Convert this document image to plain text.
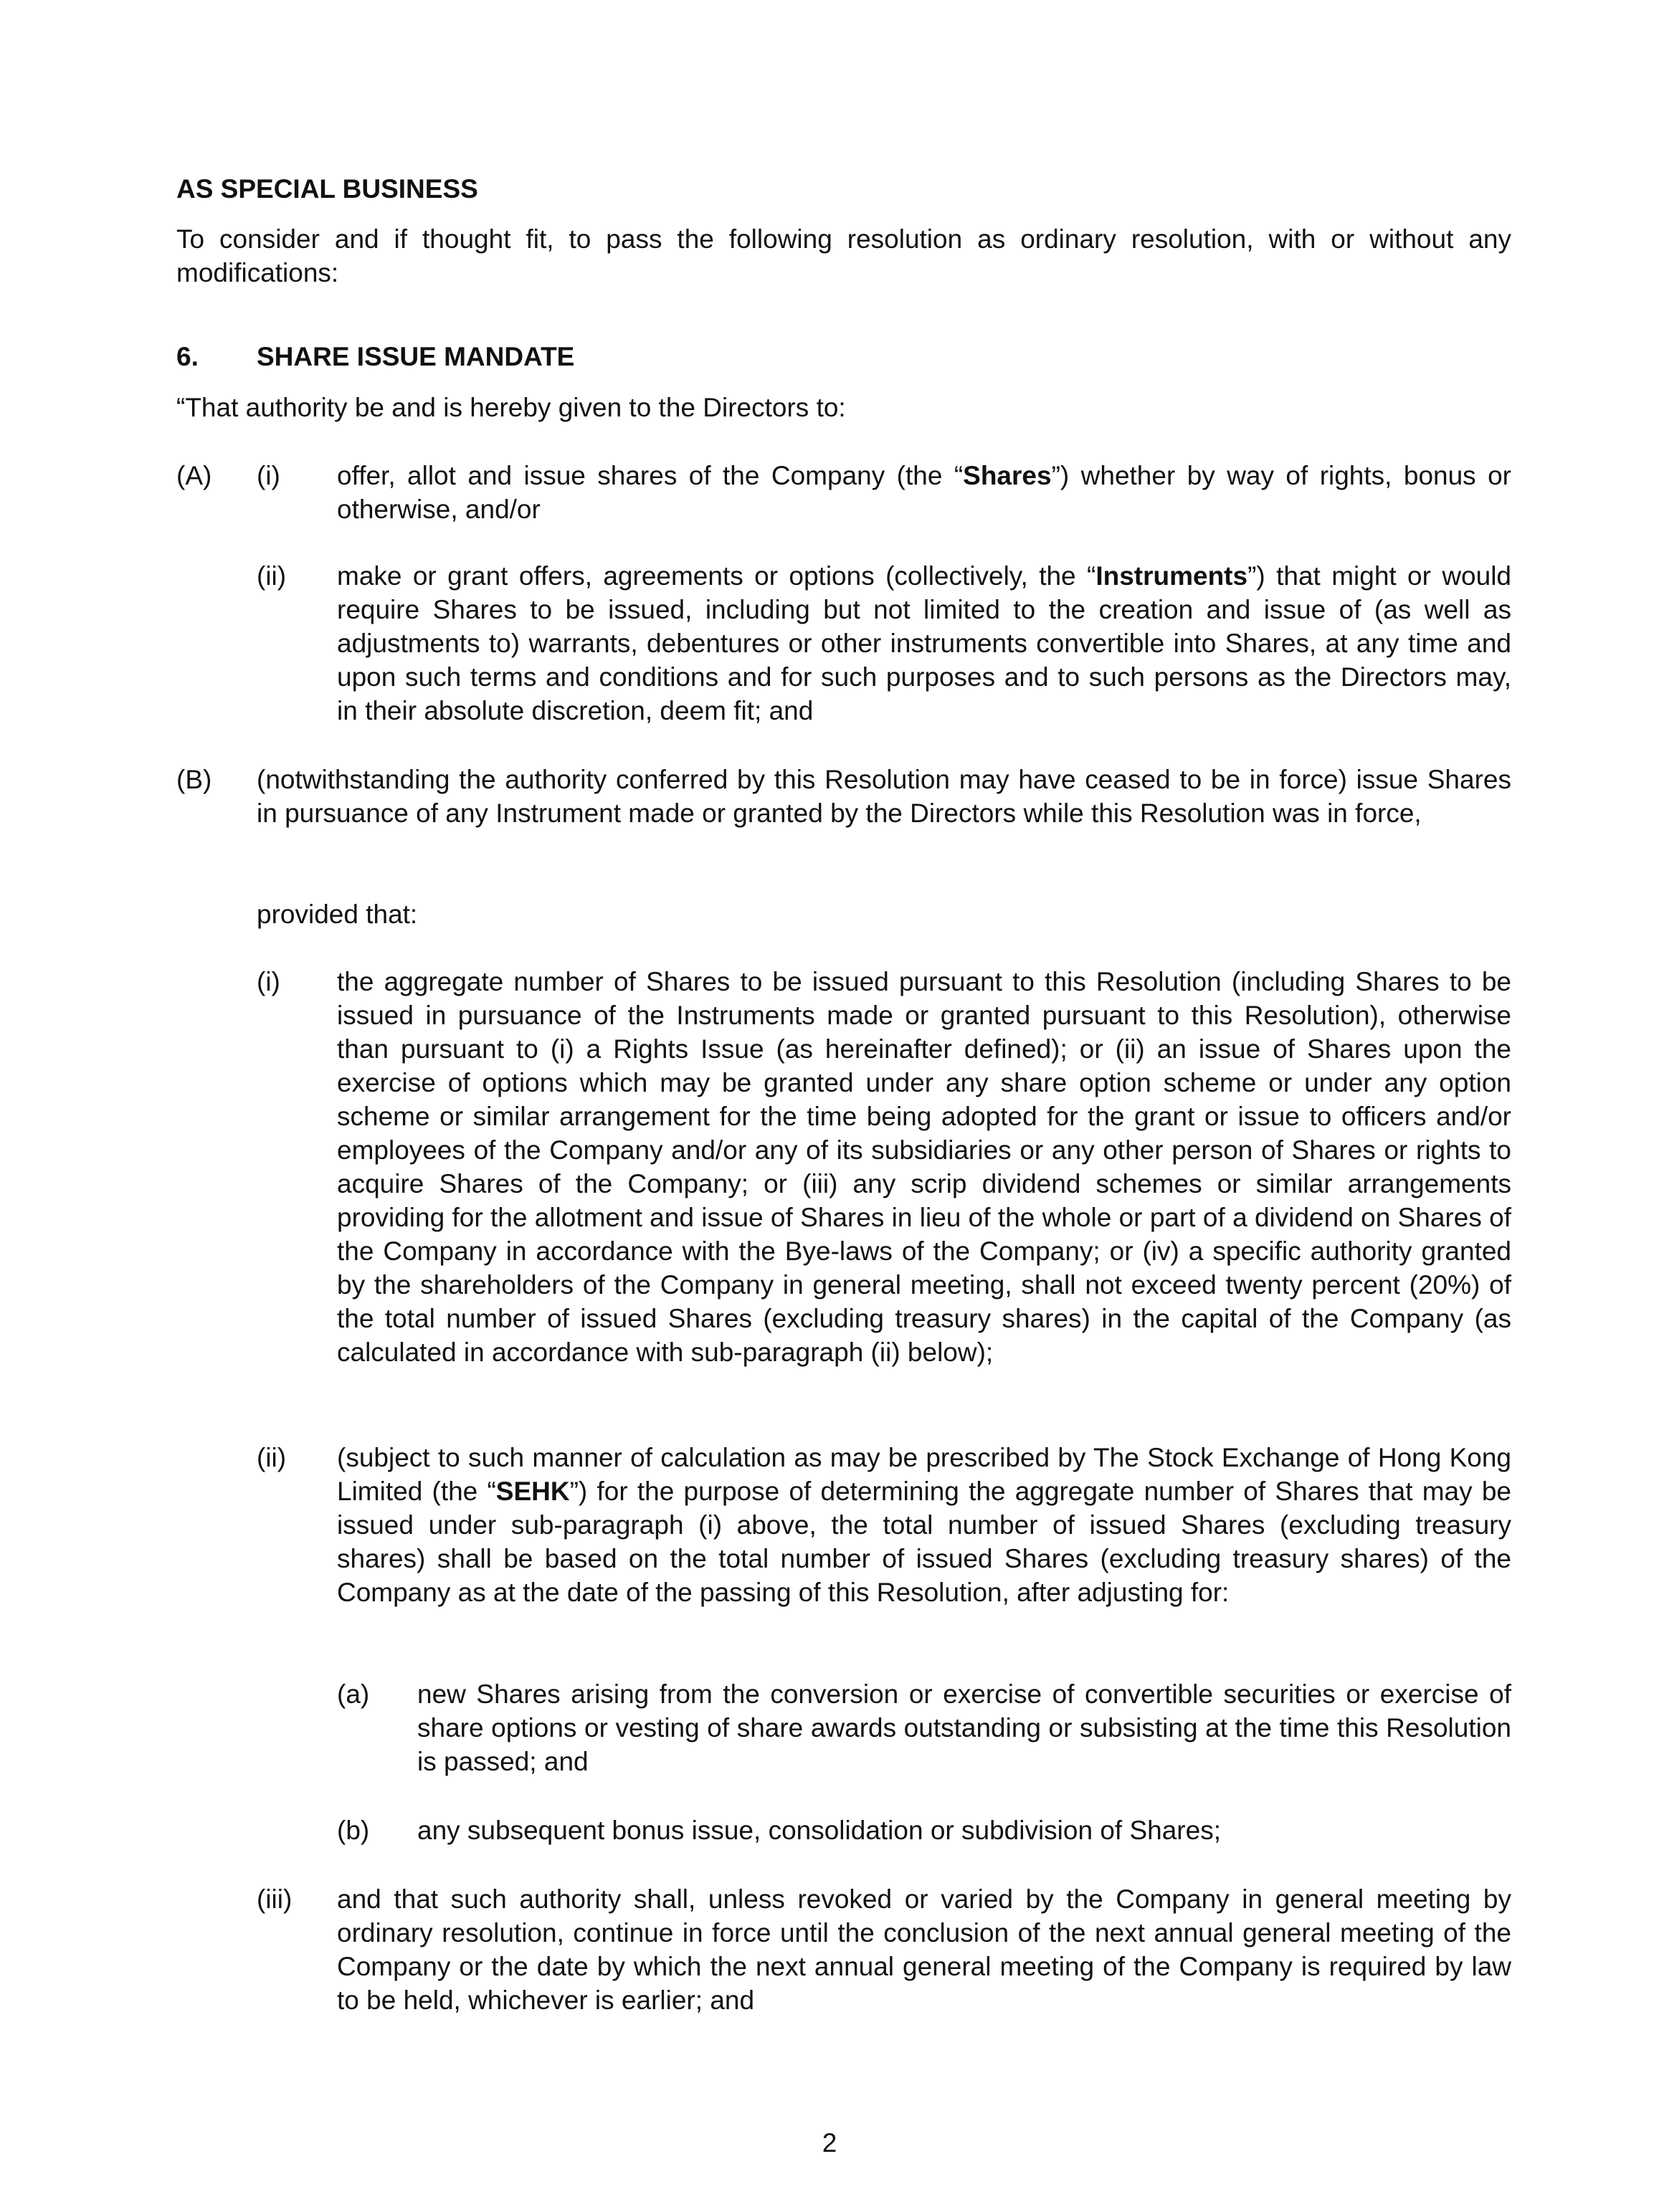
AS SPECIAL BUSINESS
To consider and if thought fit, to pass the following resolution as ordinary resolution, with or without any modifications:
6. SHARE ISSUE MANDATE
“That authority be and is hereby given to the Directors to:
(A) (i) offer, allot and issue shares of the Company (the “Shares”) whether by way of rights, bonus or otherwise, and/or
(ii) make or grant offers, agreements or options (collectively, the “Instruments”) that might or would require Shares to be issued, including but not limited to the creation and issue of (as well as adjustments to) warrants, debentures or other instruments convertible into Shares, at any time and upon such terms and conditions and for such purposes and to such persons as the Directors may, in their absolute discretion, deem fit; and
(B) (notwithstanding the authority conferred by this Resolution may have ceased to be in force) issue Shares in pursuance of any Instrument made or granted by the Directors while this Resolution was in force,
provided that:
(i) the aggregate number of Shares to be issued pursuant to this Resolution (including Shares to be issued in pursuance of the Instruments made or granted pursuant to this Resolution), otherwise than pursuant to (i) a Rights Issue (as hereinafter defined); or (ii) an issue of Shares upon the exercise of options which may be granted under any share option scheme or under any option scheme or similar arrangement for the time being adopted for the grant or issue to officers and/or employees of the Company and/or any of its subsidiaries or any other person of Shares or rights to acquire Shares of the Company; or (iii) any scrip dividend schemes or similar arrangements providing for the allotment and issue of Shares in lieu of the whole or part of a dividend on Shares of the Company in accordance with the Bye-laws of the Company; or (iv) a specific authority granted by the shareholders of the Company in general meeting, shall not exceed twenty percent (20%) of the total number of issued Shares (excluding treasury shares) in the capital of the Company (as calculated in accordance with sub-paragraph (ii) below);
(ii) (subject to such manner of calculation as may be prescribed by The Stock Exchange of Hong Kong Limited (the “SEHK”) for the purpose of determining the aggregate number of Shares that may be issued under sub-paragraph (i) above, the total number of issued Shares (excluding treasury shares) shall be based on the total number of issued Shares (excluding treasury shares) of the Company as at the date of the passing of this Resolution, after adjusting for:
(a) new Shares arising from the conversion or exercise of convertible securities or exercise of share options or vesting of share awards outstanding or subsisting at the time this Resolution is passed; and
(b) any subsequent bonus issue, consolidation or subdivision of Shares;
(iii) and that such authority shall, unless revoked or varied by the Company in general meeting by ordinary resolution, continue in force until the conclusion of the next annual general meeting of the Company or the date by which the next annual general meeting of the Company is required by law to be held, whichever is earlier; and
2
